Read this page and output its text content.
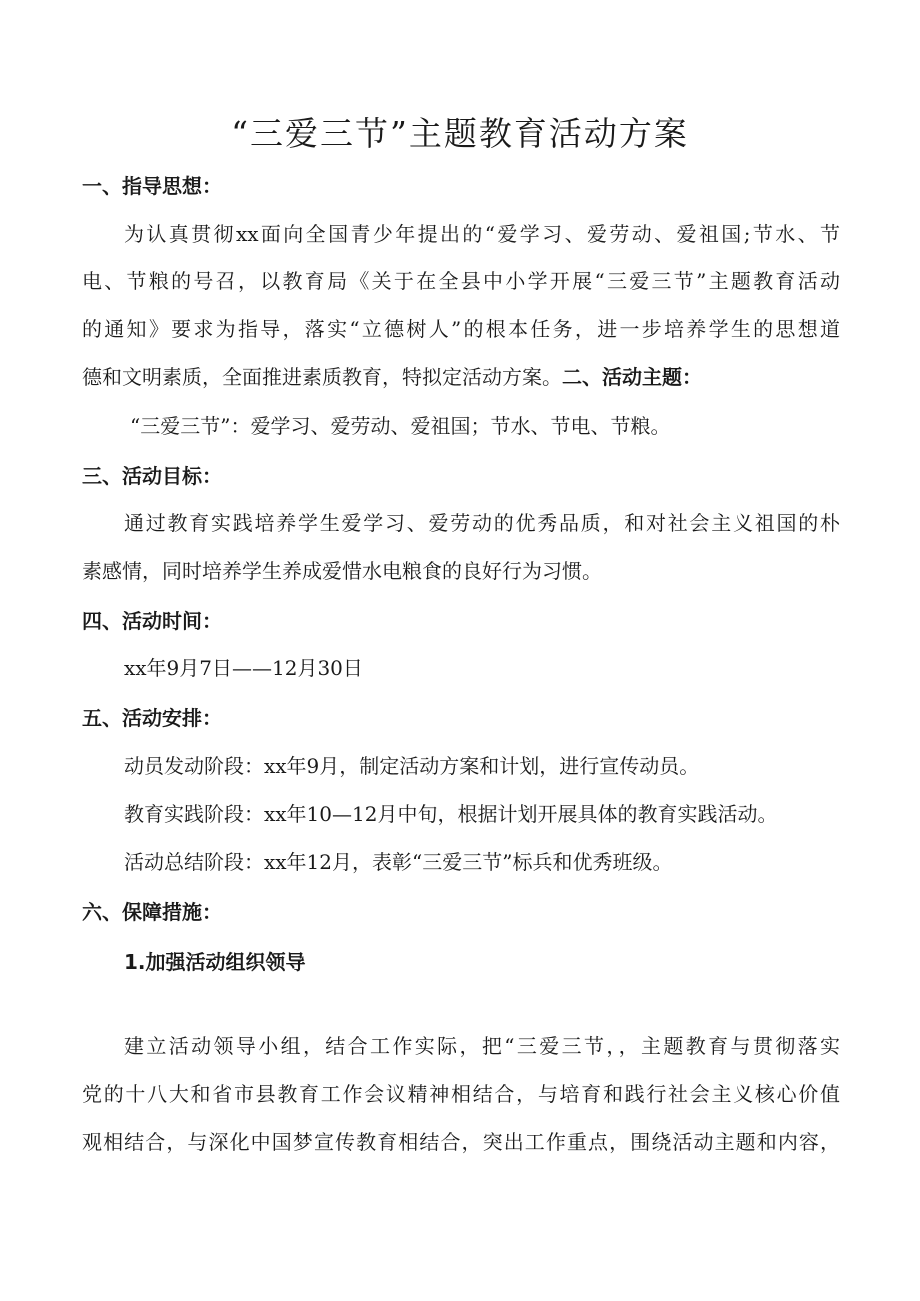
“三爱三节”主题教育活动方案
一、指导思想：
为认真贯彻xx面向全国青少年提出的“爱学习、爱劳动、爱祖国;节水、节
电、节粮的号召，以教育局《关于在全县中小学开展“三爱三节”主题教育活动
的通知》要求为指导，落实“立德树人”的根本任务，进一步培养学生的思想道
德和文明素质，全面推进素质教育，特拟定活动方案。二、活动主题：
“三爱三节”：爱学习、爱劳动、爱祖国；节水、节电、节粮。
三、活动目标：
通过教育实践培养学生爱学习、爱劳动的优秀品质，和对社会主义祖国的朴
素感情，同时培养学生养成爱惜水电粮食的良好行为习惯。
四、活动时间：
xx年9月7日——12月30日
五、活动安排：
动员发动阶段：xx年9月，制定活动方案和计划，进行宣传动员。
教育实践阶段：xx年10—12月中旬，根据计划开展具体的教育实践活动。
活动总结阶段：xx年12月，表彰“三爱三节”标兵和优秀班级。
六、保障措施：
1.加强活动组织领导
建立活动领导小组，结合工作实际，把“三爱三节，，主题教育与贯彻落实
党的十八大和省市县教育工作会议精神相结合，与培育和践行社会主义核心价值
观相结合，与深化中国梦宣传教育相结合，突出工作重点，围绕活动主题和内容，
